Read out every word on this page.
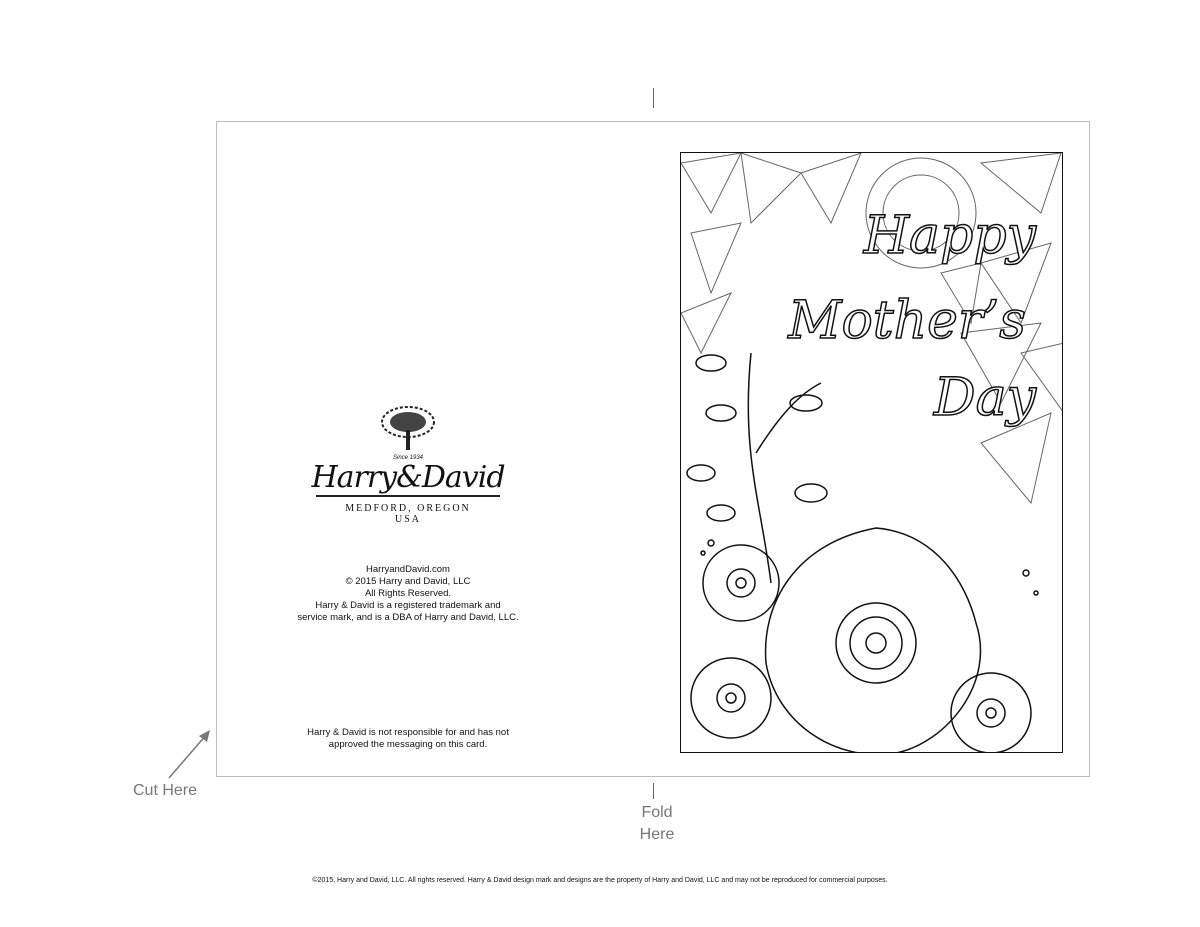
Fold
Here
Cut Here
Since 1934
Harry&David
MEDFORD, OREGON
USA
HarryandDavid.com
© 2015 Harry and David, LLC
All Rights Reserved.
Harry & David is a registered trademark and
service mark, and is a DBA of Harry and David, LLC.
Harry & David is not responsible for and has not
approved the messaging on this card.
Happy
Mother’s
Day
©2015, Harry and David, LLC. All rights reserved. Harry & David design mark and designs are the property of Harry and David, LLC and may not be reproduced for commercial purposes.
